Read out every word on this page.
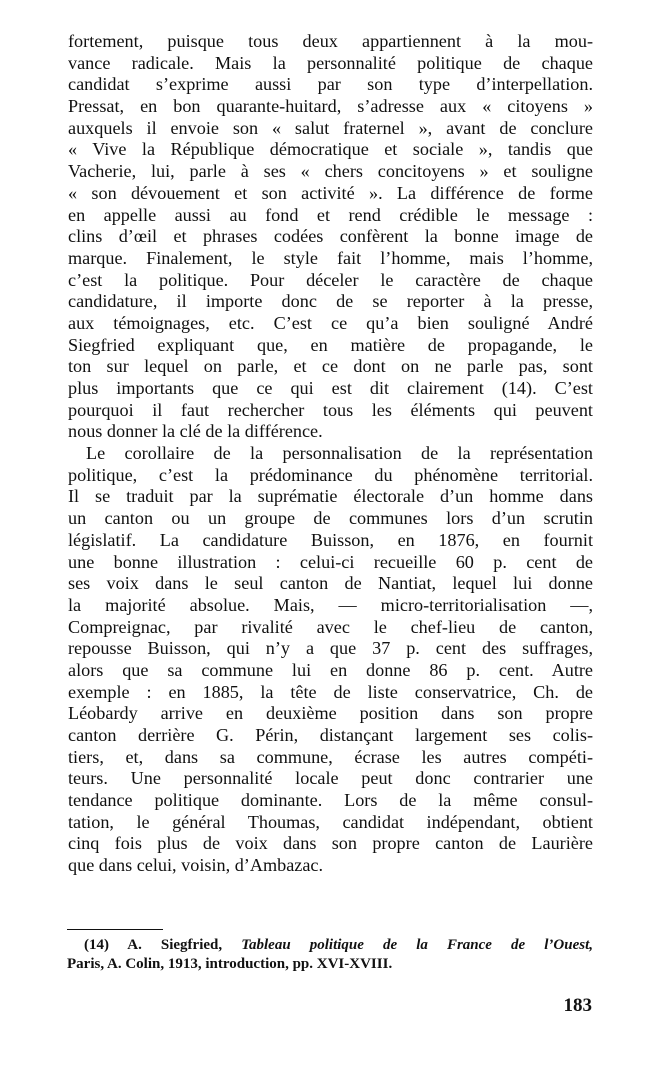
fortement, puisque tous deux appartiennent à la mou-
vance radicale. Mais la personnalité politique de chaque
candidat s’exprime aussi par son type d’interpellation.
Pressat, en bon quarante-huitard, s’adresse aux « citoyens »
auxquels il envoie son « salut fraternel », avant de conclure
« Vive la République démocratique et sociale », tandis que
Vacherie, lui, parle à ses « chers concitoyens » et souligne
« son dévouement et son activité ». La différence de forme
en appelle aussi au fond et rend crédible le message :
clins d’œil et phrases codées confèrent la bonne image de
marque. Finalement, le style fait l’homme, mais l’homme,
c’est la politique. Pour déceler le caractère de chaque
candidature, il importe donc de se reporter à la presse,
aux témoignages, etc. C’est ce qu’a bien souligné André
Siegfried expliquant que, en matière de propagande, le
ton sur lequel on parle, et ce dont on ne parle pas, sont
plus importants que ce qui est dit clairement (14). C’est
pourquoi il faut rechercher tous les éléments qui peuvent
nous donner la clé de la différence.
Le corollaire de la personnalisation de la représentation
politique, c’est la prédominance du phénomène territorial.
Il se traduit par la suprématie électorale d’un homme dans
un canton ou un groupe de communes lors d’un scrutin
législatif. La candidature Buisson, en 1876, en fournit
une bonne illustration : celui-ci recueille 60 p. cent de
ses voix dans le seul canton de Nantiat, lequel lui donne
la majorité absolue. Mais, — micro-territorialisation —,
Compreignac, par rivalité avec le chef-lieu de canton,
repousse Buisson, qui n’y a que 37 p. cent des suffrages,
alors que sa commune lui en donne 86 p. cent. Autre
exemple : en 1885, la tête de liste conservatrice, Ch. de
Léobardy arrive en deuxième position dans son propre
canton derrière G. Périn, distançant largement ses colis-
tiers, et, dans sa commune, écrase les autres compéti-
teurs. Une personnalité locale peut donc contrarier une
tendance politique dominante. Lors de la même consul-
tation, le général Thoumas, candidat indépendant, obtient
cinq fois plus de voix dans son propre canton de Laurière
que dans celui, voisin, d’Ambazac.
(14) A. Siegfried, Tableau politique de la France de l’Ouest,
Paris, A. Colin, 1913, introduction, pp. XVI-XVIII.
183
